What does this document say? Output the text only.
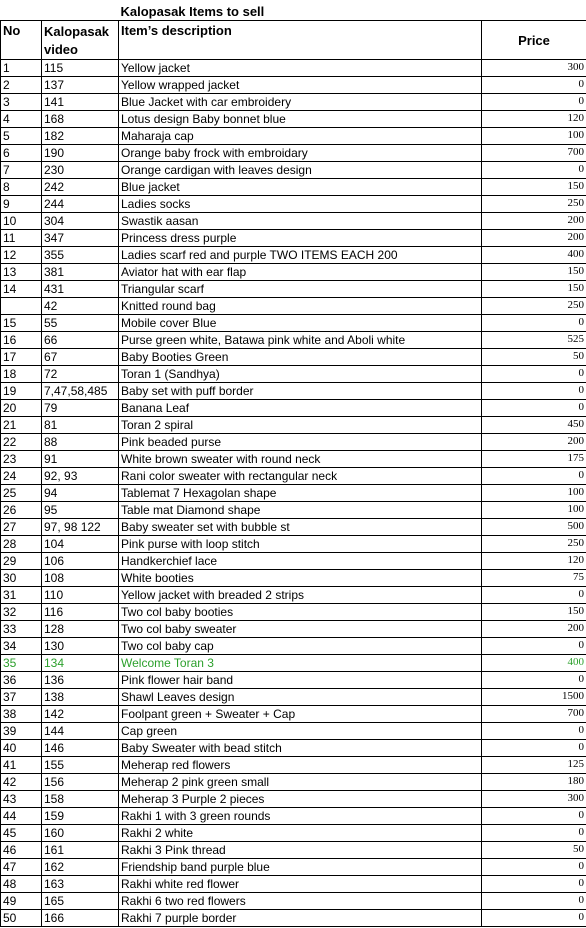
		Kalopasak Items to sell	
No	Kalopasak video	Item’s description	Price
1	115	Yellow jacket	300
2	137	Yellow wrapped jacket	0
3	141	Blue Jacket with car embroidery	0
4	168	Lotus design Baby bonnet blue	120
5	182	Maharaja cap	100
6	190	Orange baby frock with embroidary	700
7	230	Orange cardigan with leaves design	0
8	242	Blue jacket	150
9	244	Ladies socks	250
10	304	Swastik aasan	200
11	347	Princess dress purple	200
12	355	Ladies scarf red and purple TWO ITEMS EACH 200	400
13	381	Aviator hat with ear flap	150
14	431	Triangular scarf	150
	42	Knitted round bag	250
15	55	Mobile cover Blue	0
16	66	Purse green white, Batawa pink white and Aboli white	525
17	67	Baby Booties Green	50
18	72	Toran 1 (Sandhya)	0
19	7,47,58,485	Baby set with puff border	0
20	79	Banana Leaf	0
21	81	Toran 2 spiral	450
22	88	Pink beaded purse	200
23	91	White brown sweater with round neck	175
24	92, 93	Rani color sweater with rectangular neck	0
25	94	Tablemat 7 Hexagolan shape	100
26	95	Table mat Diamond shape	100
27	97, 98 122	Baby sweater set with bubble st	500
28	104	Pink purse with loop stitch	250
29	106	Handkerchief lace	120
30	108	White booties	75
31	110	Yellow jacket with breaded 2 strips	0
32	116	Two col baby booties	150
33	128	Two col baby sweater	200
34	130	Two col baby cap	0
35	134	Welcome Toran 3	400
36	136	Pink flower hair band	0
37	138	Shawl Leaves design	1500
38	142	Foolpant green + Sweater + Cap	700
39	144	Cap green	0
40	146	Baby Sweater with bead stitch	0
41	155	Meherap red flowers	125
42	156	Meherap 2 pink green small	180
43	158	Meherap 3 Purple 2 pieces	300
44	159	Rakhi 1 with 3 green rounds	0
45	160	Rakhi 2 white	0
46	161	Rakhi 3 Pink thread	50
47	162	Friendship band purple blue	0
48	163	Rakhi white red flower	0
49	165	Rakhi 6 two red flowers	0
50	166	Rakhi 7 purple border	0
